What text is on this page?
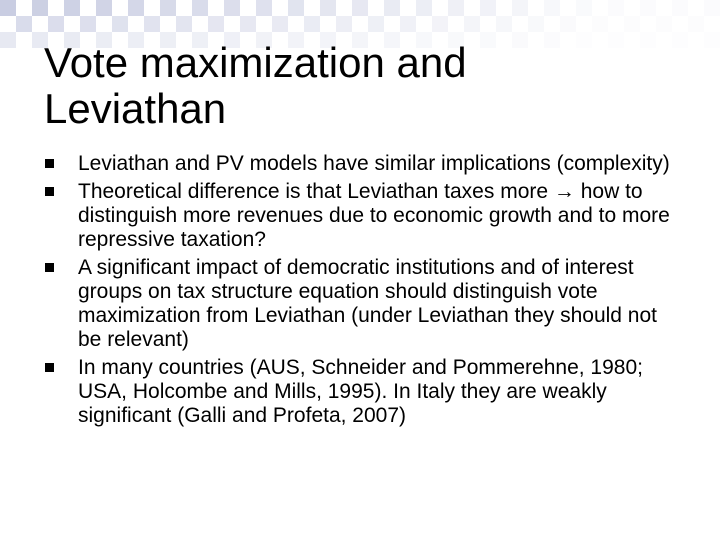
Vote maximization and
Leviathan
Leviathan and PV models have similar implications (complexity)
Theoretical difference is that Leviathan taxes more → how to distinguish more revenues due to economic growth and to more repressive taxation?
A significant impact of democratic institutions and of interest groups on tax structure equation should distinguish vote maximization from Leviathan (under Leviathan they should not be relevant)
In many countries (AUS, Schneider and Pommerehne, 1980; USA, Holcombe and Mills, 1995). In Italy they are weakly significant (Galli and Profeta, 2007)
